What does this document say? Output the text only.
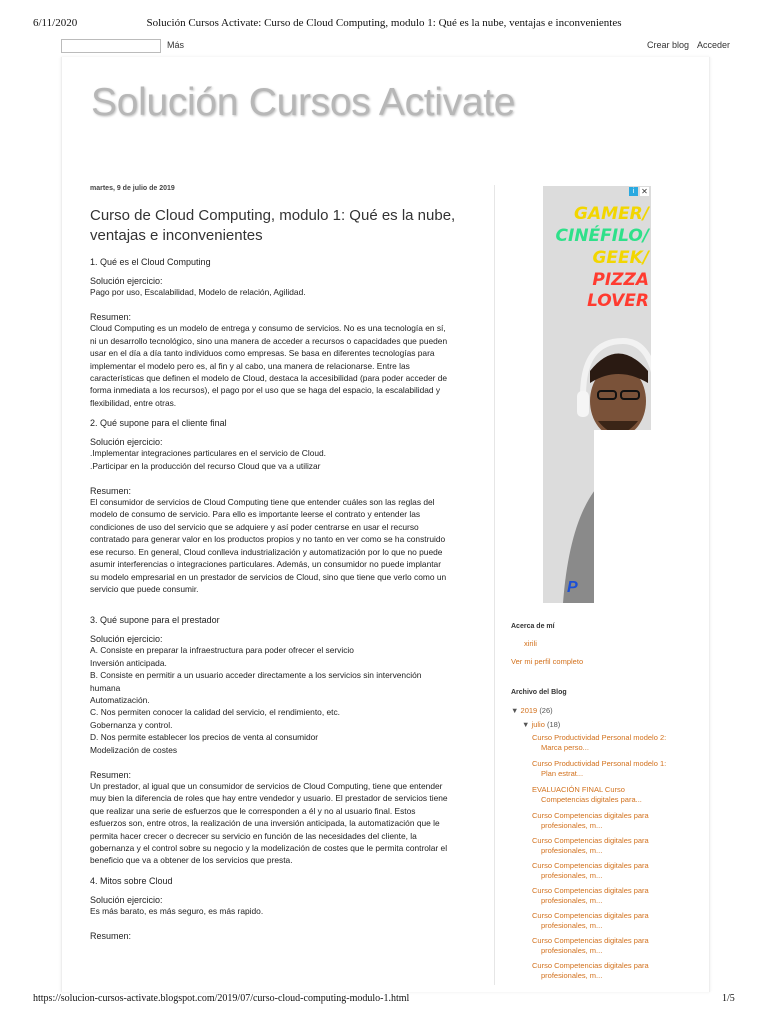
6/11/2020	Solución Cursos Activate: Curso de Cloud Computing, modulo 1: Qué es la nube, ventajas e inconvenientes
Más	Crear blog Acceder
Solución Cursos Activate
martes, 9 de julio de 2019
Curso de Cloud Computing, modulo 1: Qué es la nube,
ventajas e inconvenientes
1. Qué es el Cloud Computing
Solución ejercicio:
Pago por uso, Escalabilidad, Modelo de relación, Agilidad.
Resumen:
Cloud Computing es un modelo de entrega y consumo de servicios. No es una tecnología en sí,
ni un desarrollo tecnológico, sino una manera de acceder a recursos o capacidades que pueden
usar en el día a día tanto individuos como empresas. Se basa en diferentes tecnologías para
implementar el modelo pero es, al fin y al cabo, una manera de relacionarse. Entre las
características que definen el modelo de Cloud, destaca la accesibilidad (para poder acceder de
forma inmediata a los recursos), el pago por el uso que se haga del espacio, la escalabilidad y
flexibilidad, entre otras.
2. Qué supone para el cliente final
Solución ejercicio:
.Implementar integraciones particulares en el servicio de Cloud.
.Participar en la producción del recurso Cloud que va a utilizar
Resumen:
El consumidor de servicios de Cloud Computing tiene que entender cuáles son las reglas del
modelo de consumo de servicio. Para ello es importante leerse el contrato y entender las
condiciones de uso del servicio que se adquiere y así poder centrarse en usar el recurso
contratado para generar valor en los productos propios y no tanto en ver como se ha construido
ese recurso. En general, Cloud conlleva industrialización y automatización por lo que no puede
asumir interferencias o integraciones particulares. Además, un consumidor no puede implantar
su modelo empresarial en un prestador de servicios de Cloud, sino que tiene que verlo como un
servicio que puede consumir.
3. Qué supone para el prestador
Solución ejercicio:
A. Consiste en preparar la infraestructura para poder ofrecer el servicio
Inversión anticipada.
B. Consiste en permitir a un usuario acceder directamente a los servicios sin intervención
humana
Automatización.
C. Nos permiten conocer la calidad del servicio, el rendimiento, etc.
Gobernanza y control.
D. Nos permite establecer los precios de venta al consumidor
Modelización de costes
Resumen:
Un prestador, al igual que un consumidor de servicios de Cloud Computing, tiene que entender
muy bien la diferencia de roles que hay entre vendedor y usuario. El prestador de servicios tiene
que realizar una serie de esfuerzos que le corresponden a él y no al usuario final. Estos
esfuerzos son, entre otros, la realización de una inversión anticipada, la automatización que le
permita hacer crecer o decrecer su servicio en función de las necesidades del cliente, la
gobernanza y el control sobre su negocio y la modelización de costes que le permita controlar el
beneficio que va a obtener de los servicios que presta.
4. Mitos sobre Cloud
Solución ejercicio:
Es más barato, es más seguro, es más rapido.
Resumen:
GAMER/
CINÉFILO/
GEEK/
PIZZA LOVER
i ✕
P
Acerca de mí
xirili
Ver mi perfil completo
Archivo del Blog
▼ 2019 (26)
▼ julio (18)
Curso Productividad Personal modelo 2:
Marca perso...
Curso Productividad Personal modelo 1:
Plan estrat...
EVALUACIÓN FINAL Curso
Competencias digitales para...
Curso Competencias digitales para
profesionales, m...
Curso Competencias digitales para
profesionales, m...
Curso Competencias digitales para
profesionales, m...
Curso Competencias digitales para
profesionales, m...
Curso Competencias digitales para
profesionales, m...
Curso Competencias digitales para
profesionales, m...
Curso Competencias digitales para
profesionales, m...
https://solucion-cursos-activate.blogspot.com/2019/07/curso-cloud-computing-modulo-1.html	1/5
